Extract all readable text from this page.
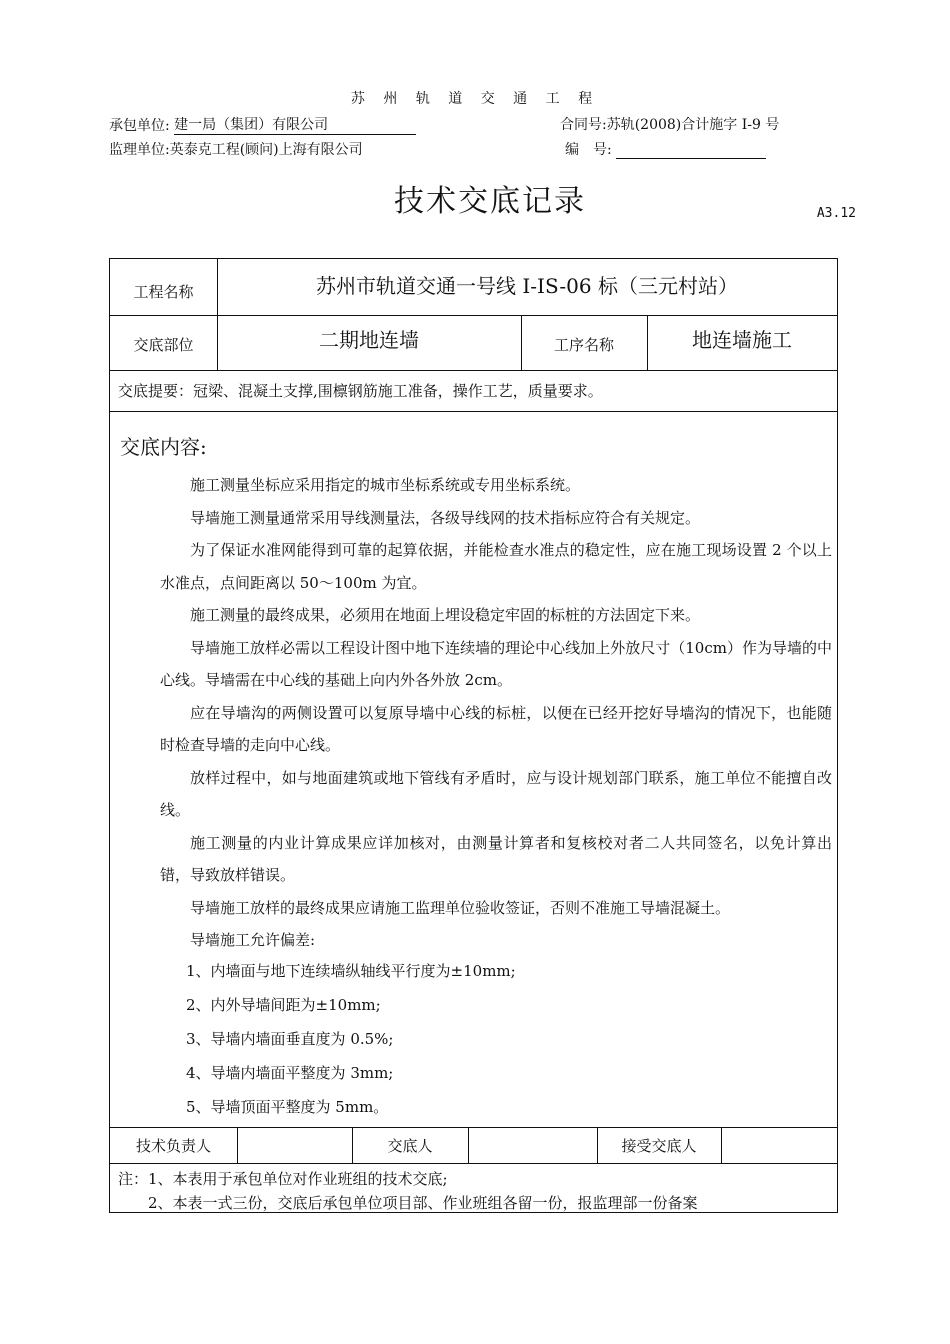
苏 州 轨 道 交 通 工 程
承包单位: 建一局（集团）有限公司	合同号:苏轨(2008)合计施字 I-9 号
监理单位:英泰克工程(顾问)上海有限公司	编　号:
技术交底记录	A3.12
工程名称	苏州市轨道交通一号线 I-IS-06 标（三元村站）
交底部位	二期地连墙	工序名称	地连墙施工
交底提要：冠梁、混凝土支撑,围檩钢筋施工准备，操作工艺，质量要求。
交底内容:

施工测量坐标应采用指定的城市坐标系统或专用坐标系统。

导墙施工测量通常采用导线测量法，各级导线网的技术指标应符合有关规定。

为了保证水准网能得到可靠的起算依据，并能检查水准点的稳定性，应在施工现场设置 2 个以上水准点，点间距离以 50～100m 为宜。

施工测量的最终成果，必须用在地面上埋设稳定牢固的标桩的方法固定下来。

导墙施工放样必需以工程设计图中地下连续墙的理论中心线加上外放尺寸（10cm）作为导墙的中心线。导墙需在中心线的基础上向内外各外放 2cm。

应在导墙沟的两侧设置可以复原导墙中心线的标桩，以便在已经开挖好导墙沟的情况下，也能随时检查导墙的走向中心线。

放样过程中，如与地面建筑或地下管线有矛盾时，应与设计规划部门联系，施工单位不能擅自改线。

施工测量的内业计算成果应详加核对，由测量计算者和复核校对者二人共同签名，以免计算出错，导致放样错误。

导墙施工放样的最终成果应请施工监理单位验收签证，否则不准施工导墙混凝土。

导墙施工允许偏差:

1、内墙面与地下连续墙纵轴线平行度为±10mm;
2、内外导墙间距为±10mm;
3、导墙内墙面垂直度为 0.5%;
4、导墙内墙面平整度为 3mm;
5、导墙顶面平整度为 5mm。
技术负责人	交底人	接受交底人
注：1、本表用于承包单位对作业班组的技术交底;
2、本表一式三份，交底后承包单位项目部、作业班组各留一份，报监理部一份备案
